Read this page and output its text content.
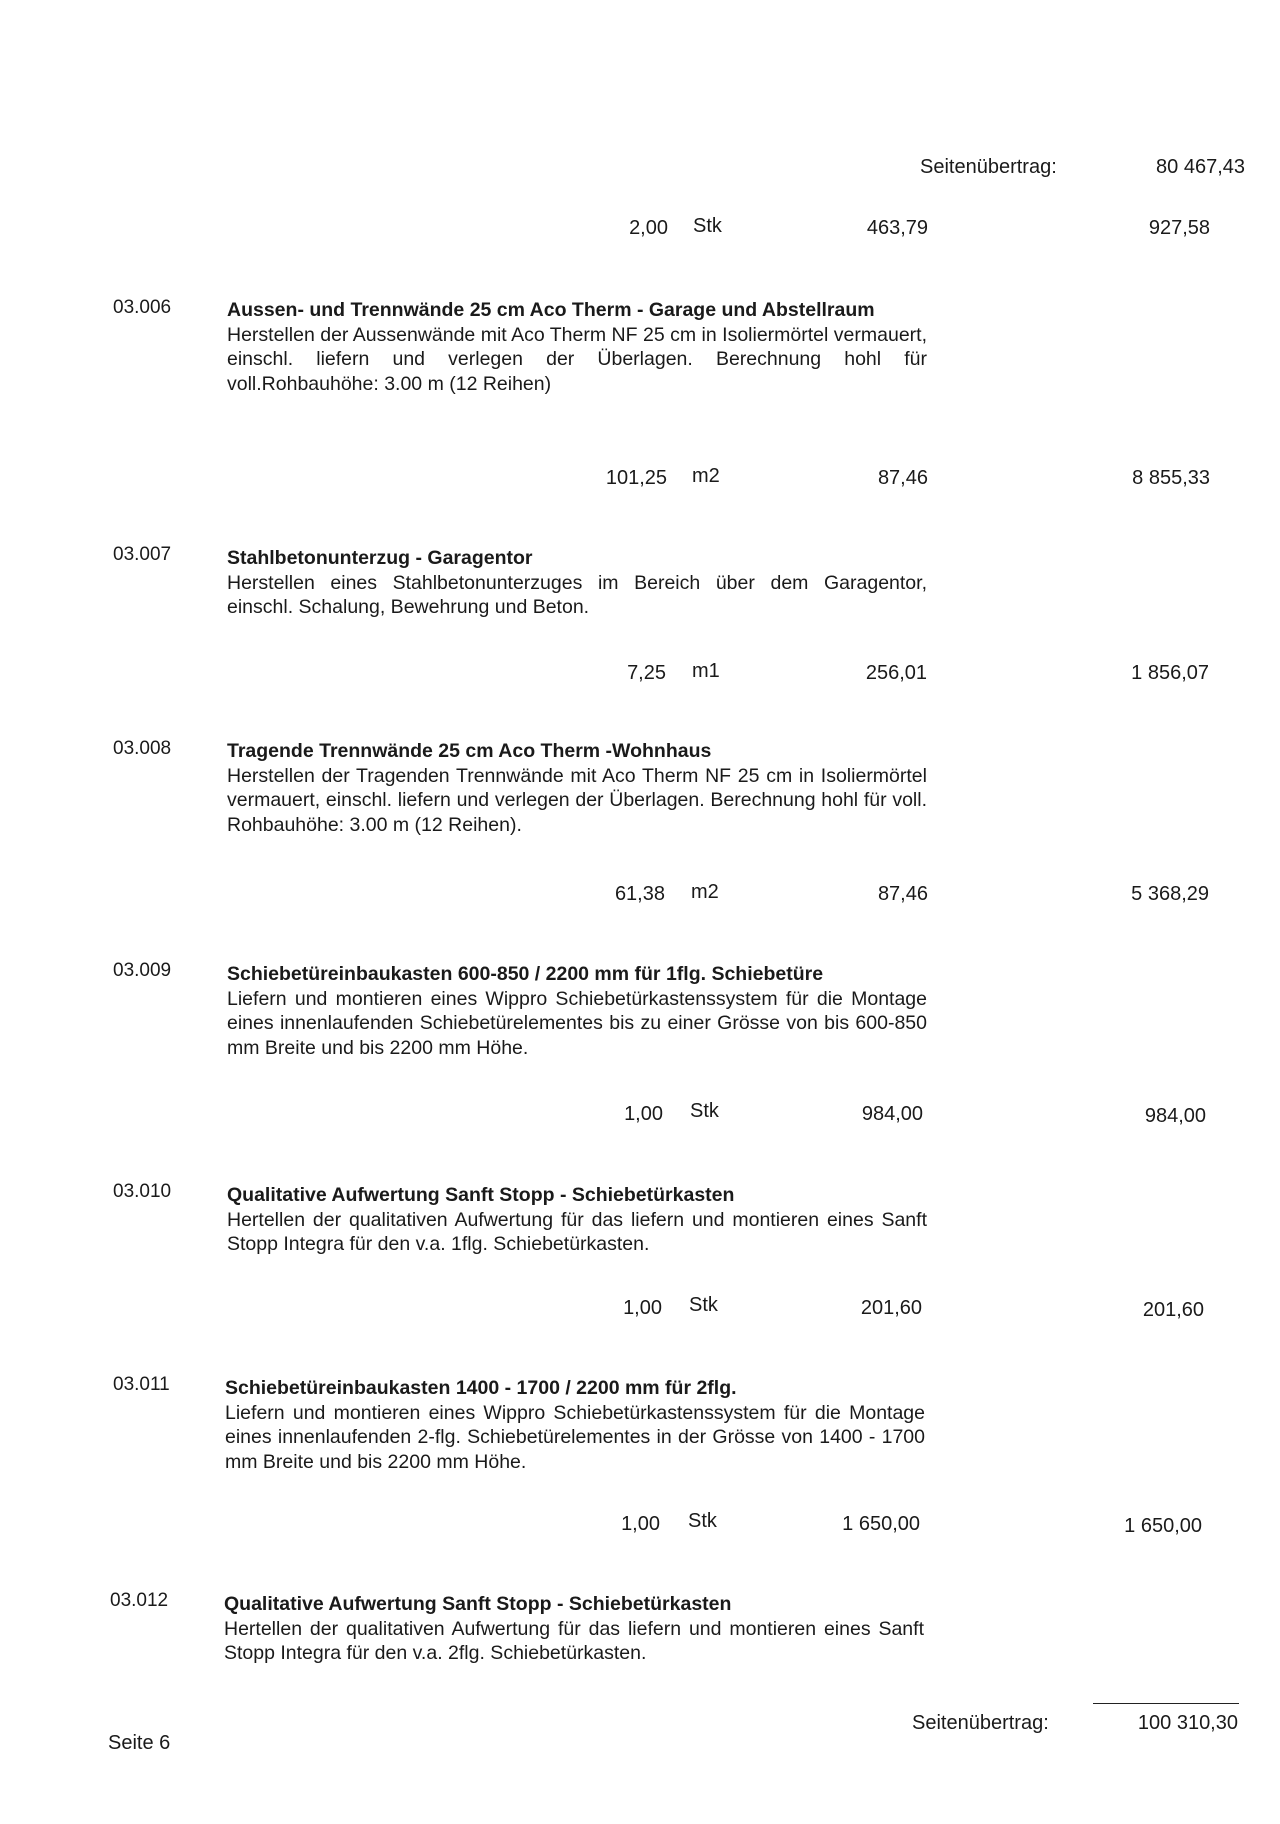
Seitenübertrag:	80 467,43
2,00 Stk	463,79	927,58
03.006	Aussen- und Trennwände 25 cm Aco Therm - Garage und Abstellraum
Herstellen der Aussenwände mit Aco Therm NF 25 cm in Isoliermörtel vermauert, einschl. liefern und verlegen der Überlagen. Berechnung hohl für voll.Rohbauhöhe: 3.00 m (12 Reihen)
101,25 m2	87,46	8 855,33
03.007	Stahlbetonunterzug - Garagentor
Herstellen eines Stahlbetonunterzuges im Bereich über dem Garagentor, einschl. Schalung, Bewehrung und Beton.
7,25 m1	256,01	1 856,07
03.008	Tragende Trennwände 25 cm Aco Therm -Wohnhaus
Herstellen der Tragenden Trennwände mit Aco Therm NF 25 cm in Isoliermörtel vermauert, einschl. liefern und verlegen der Überlagen. Berechnung hohl für voll. Rohbauhöhe: 3.00 m (12 Reihen).
61,38 m2	87,46	5 368,29
03.009	Schiebetüreinbaukasten 600-850 / 2200 mm für 1flg. Schiebetüre
Liefern und montieren eines Wippro Schiebetürkastenssystem für die Montage eines innenlaufenden Schiebetürelementes bis zu einer Grösse von bis 600-850 mm Breite und bis 2200 mm Höhe.
1,00 Stk	984,00	984,00
03.010	Qualitative Aufwertung Sanft Stopp - Schiebetürkasten
Hertellen der qualitativen Aufwertung für das liefern und montieren eines Sanft Stopp Integra für den v.a. 1flg. Schiebetürkasten.
1,00 Stk	201,60	201,60
03.011	Schiebetüreinbaukasten 1400 - 1700 / 2200 mm für 2flg.
Liefern und montieren eines Wippro Schiebetürkastenssystem für die Montage eines innenlaufenden 2-flg. Schiebetürelementes in der Grösse von 1400 - 1700 mm Breite und bis 2200 mm Höhe.
1,00 Stk	1 650,00	1 650,00
03.012	Qualitative Aufwertung Sanft Stopp - Schiebetürkasten
Hertellen der qualitativen Aufwertung für das liefern und montieren eines Sanft Stopp Integra für den v.a. 2flg. Schiebetürkasten.
Seitenübertrag:	100 310,30
Seite 6
